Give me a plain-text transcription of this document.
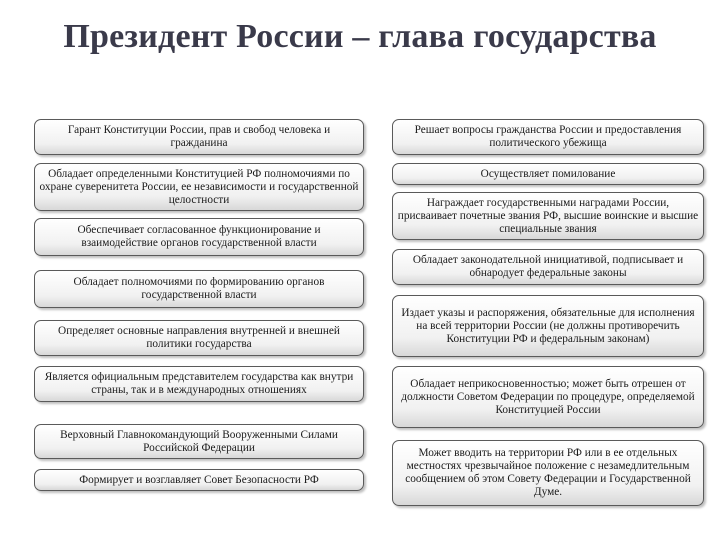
Президент России – глава государства
Гарант Конституции России, прав и свобод человека и гражданина
Обладает определенными Конституцией РФ полномочиями по охране суверенитета России, ее независимости и государственной целостности
Обеспечивает согласованное функционирование и взаимодействие органов государственной власти
Обладает полномочиями по формированию органов государственной власти
Определяет основные направления внутренней и внешней политики государства
Является официальным представителем государства как внутри страны, так и в международных отношениях
Верховный Главнокомандующий Вооруженными Силами Российской Федерации
Формирует и возглавляет Совет Безопасности РФ
Решает вопросы гражданства России и предоставления политического убежища
Осуществляет помилование
Награждает государственными наградами России, присваивает почетные звания РФ, высшие воинские и высшие специальные звания
Обладает законодательной инициативой, подписывает и обнародует федеральные законы
Издает указы и распоряжения, обязательные для исполнения на всей территории России (не должны противоречить Конституции РФ и федеральным законам)
Обладает неприкосновенностью; может быть отрешен от должности Советом Федерации по процедуре, определяемой Конституцией России
Может вводить на территории РФ или в ее отдельных местностях чрезвычайное положение с незамедлительным сообщением об этом Совету Федерации и Государственной Думе.
